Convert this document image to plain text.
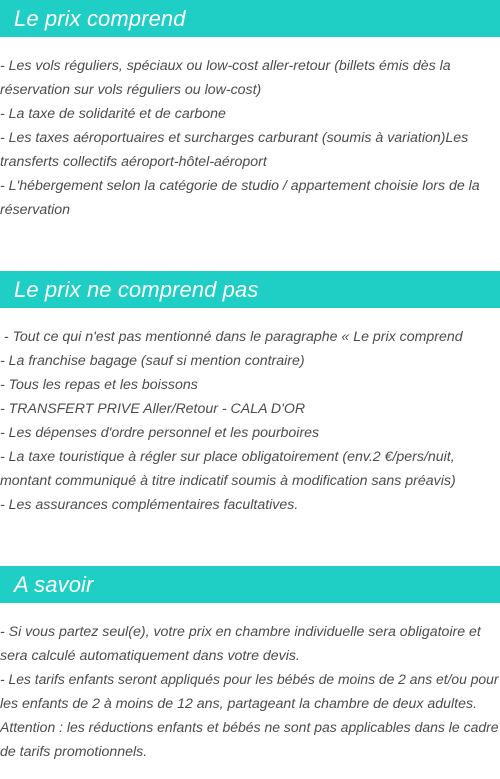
Le prix comprend
- Les vols réguliers, spéciaux ou low-cost aller-retour (billets émis dès la
réservation sur vols réguliers ou low-cost)
- La taxe de solidarité et de carbone
- Les taxes aéroportuaires et surcharges carburant (soumis à variation)Les
transferts collectifs aéroport-hôtel-aéroport
- L'hébergement selon la catégorie de studio / appartement choisie lors de la
réservation
Le prix ne comprend pas
- Tout ce qui n'est pas mentionné dans le paragraphe « Le prix comprend
- La franchise bagage (sauf si mention contraire)
- Tous les repas et les boissons
- TRANSFERT PRIVE Aller/Retour - CALA D'OR
- Les dépenses d'ordre personnel et les pourboires
- La taxe touristique à régler sur place obligatoirement (env.2 €/pers/nuit,
montant communiqué à titre indicatif soumis à modification sans préavis)
- Les assurances complémentaires facultatives.
A savoir
- Si vous partez seul(e), votre prix en chambre individuelle sera obligatoire et
sera calculé automatiquement dans votre devis.
- Les tarifs enfants seront appliqués pour les bébés de moins de 2 ans et/ou pour
les enfants de 2 à moins de 12 ans, partageant la chambre de deux adultes.
Attention : les réductions enfants et bébés ne sont pas applicables dans le cadre
de tarifs promotionnels.
